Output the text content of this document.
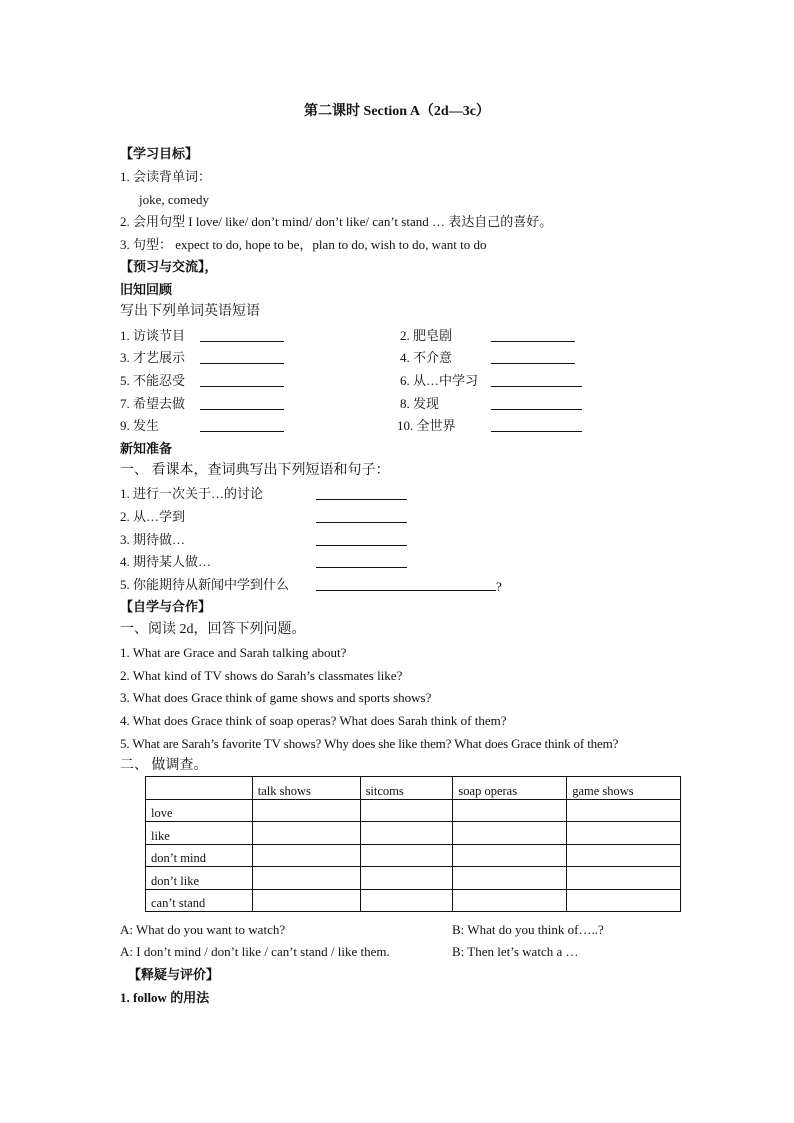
第二课时 Section A（2d—3c）
【学习目标】
1. 会读背单词：
joke, comedy
2. 会用句型 I love/ like/ don’t mind/ don’t like/ can’t stand … 表达自己的喜好。
3. 句型： expect to do, hope to be，plan to do, wish to do, want to do
【预习与交流】，
旧知回顾
写出下列单词英语短语
1. 访谈节目
3. 才艺展示
5. 不能忍受
7. 希望去做
9. 发生
2. 肥皂剧
4. 不介意
6. 从…中学习
8. 发现
10. 全世界
新知准备
一、 看课本，查词典写出下列短语和句子：
1. 进行一次关于…的讨论
2. 从…学到
3. 期待做…
4. 期待某人做…
5. 你能期待从新闻中学到什么	?
【自学与合作】
一、阅读 2d，回答下列问题。
1. What are Grace and Sarah talking about?
2. What kind of TV shows do Sarah’s classmates like?
3. What does Grace think of game shows and sports shows?
4. What does Grace think of soap operas? What does Sarah think of them?
5. What are Sarah’s favorite TV shows? Why does she like them? What does Grace think of them?
二、 做调查。
	talk shows	sitcoms	soap operas	game shows
love				
like				
don’t mind				
don’t like				
can’t stand				
A: What do you want to watch?	B: What do you think of…..?
A: I don’t mind / don’t like / can’t stand / like them.	B: Then let’s watch a …
【释疑与评价】
1. follow 的用法
